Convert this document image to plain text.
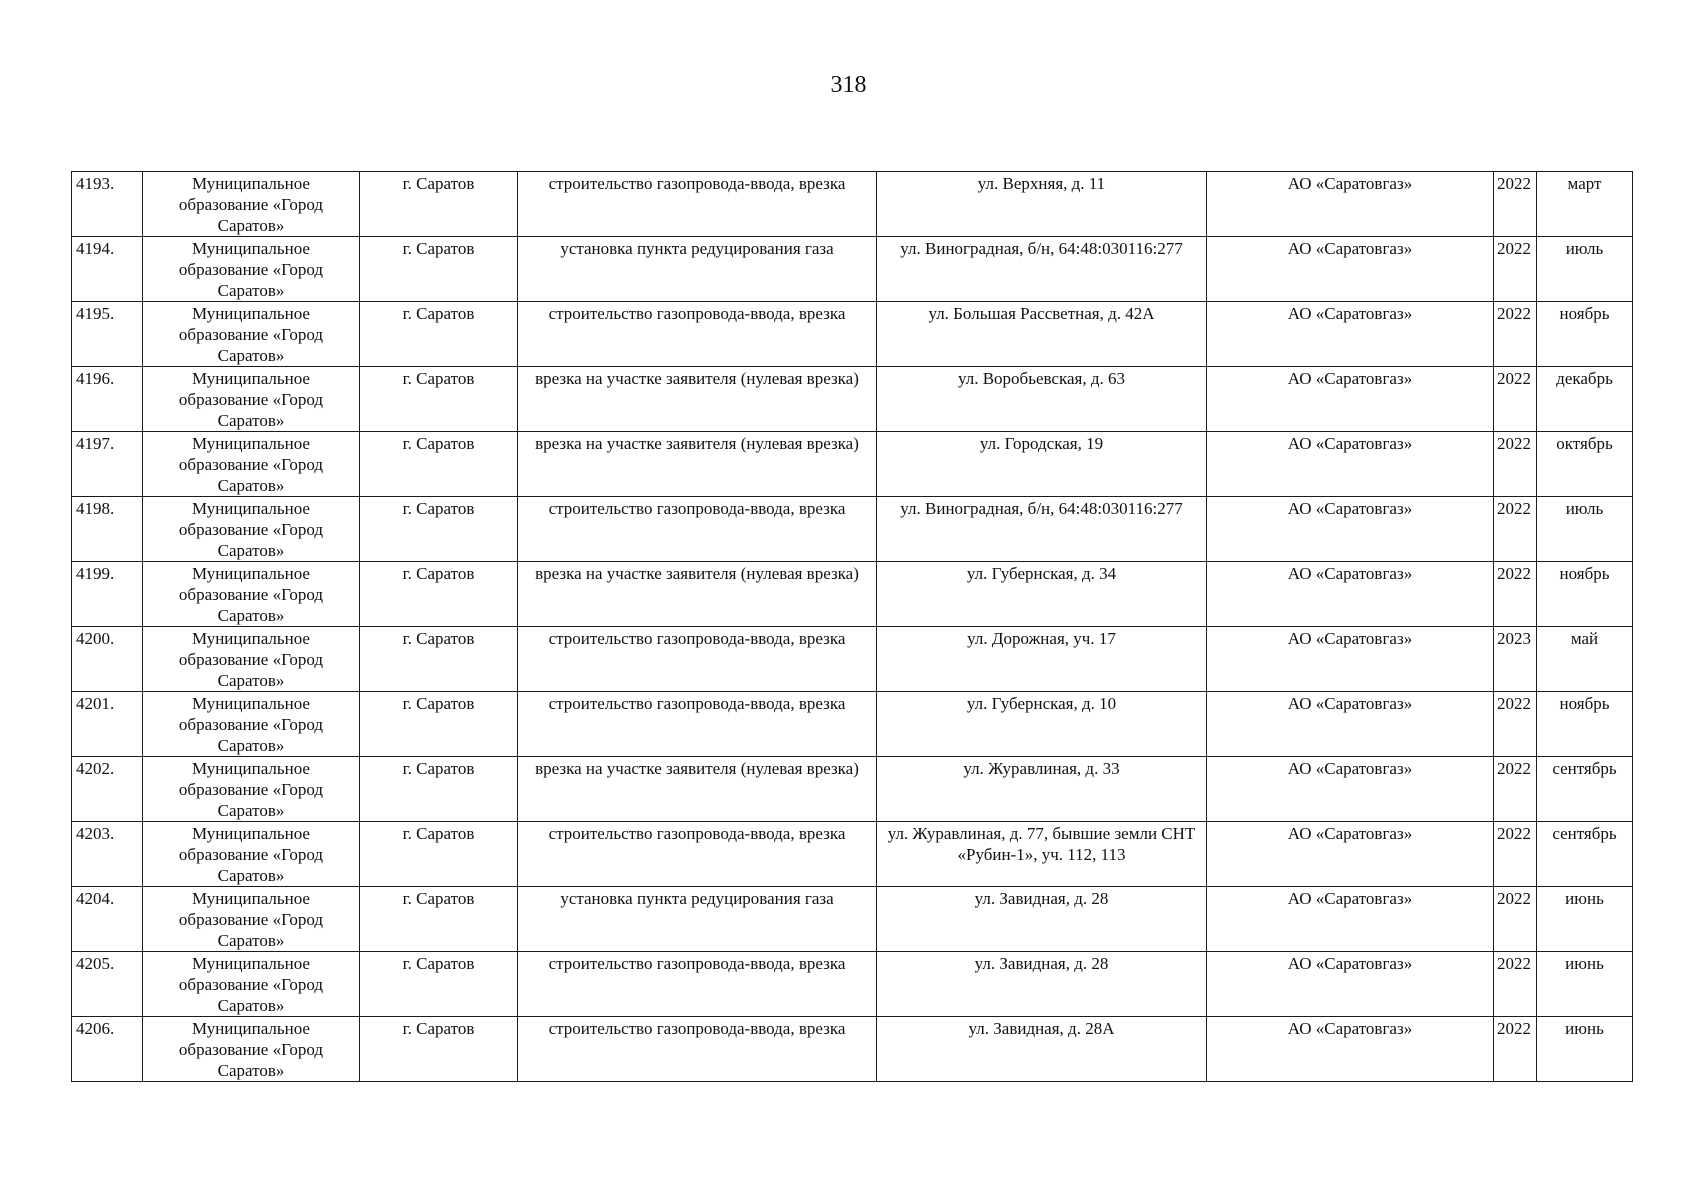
318
4193.	Муниципальное образование «Город Саратов»	г. Саратов	строительство газопровода-ввода, врезка	ул. Верхняя, д. 11	АО «Саратовгаз»	2022	март
4194.	Муниципальное образование «Город Саратов»	г. Саратов	установка пункта редуцирования газа	ул. Виноградная, б/н, 64:48:030116:277	АО «Саратовгаз»	2022	июль
4195.	Муниципальное образование «Город Саратов»	г. Саратов	строительство газопровода-ввода, врезка	ул. Большая Рассветная, д. 42А	АО «Саратовгаз»	2022	ноябрь
4196.	Муниципальное образование «Город Саратов»	г. Саратов	врезка на участке заявителя (нулевая врезка)	ул. Воробьевская, д. 63	АО «Саратовгаз»	2022	декабрь
4197.	Муниципальное образование «Город Саратов»	г. Саратов	врезка на участке заявителя (нулевая врезка)	ул. Городская, 19	АО «Саратовгаз»	2022	октябрь
4198.	Муниципальное образование «Город Саратов»	г. Саратов	строительство газопровода-ввода, врезка	ул. Виноградная, б/н, 64:48:030116:277	АО «Саратовгаз»	2022	июль
4199.	Муниципальное образование «Город Саратов»	г. Саратов	врезка на участке заявителя (нулевая врезка)	ул. Губернская, д. 34	АО «Саратовгаз»	2022	ноябрь
4200.	Муниципальное образование «Город Саратов»	г. Саратов	строительство газопровода-ввода, врезка	ул. Дорожная, уч. 17	АО «Саратовгаз»	2023	май
4201.	Муниципальное образование «Город Саратов»	г. Саратов	строительство газопровода-ввода, врезка	ул. Губернская, д. 10	АО «Саратовгаз»	2022	ноябрь
4202.	Муниципальное образование «Город Саратов»	г. Саратов	врезка на участке заявителя (нулевая врезка)	ул. Журавлиная, д. 33	АО «Саратовгаз»	2022	сентябрь
4203.	Муниципальное образование «Город Саратов»	г. Саратов	строительство газопровода-ввода, врезка	ул. Журавлиная, д. 77, бывшие земли СНТ «Рубин-1», уч. 112, 113	АО «Саратовгаз»	2022	сентябрь
4204.	Муниципальное образование «Город Саратов»	г. Саратов	установка пункта редуцирования газа	ул. Завидная, д. 28	АО «Саратовгаз»	2022	июнь
4205.	Муниципальное образование «Город Саратов»	г. Саратов	строительство газопровода-ввода, врезка	ул. Завидная, д. 28	АО «Саратовгаз»	2022	июнь
4206.	Муниципальное образование «Город Саратов»	г. Саратов	строительство газопровода-ввода, врезка	ул. Завидная, д. 28А	АО «Саратовгаз»	2022	июнь
